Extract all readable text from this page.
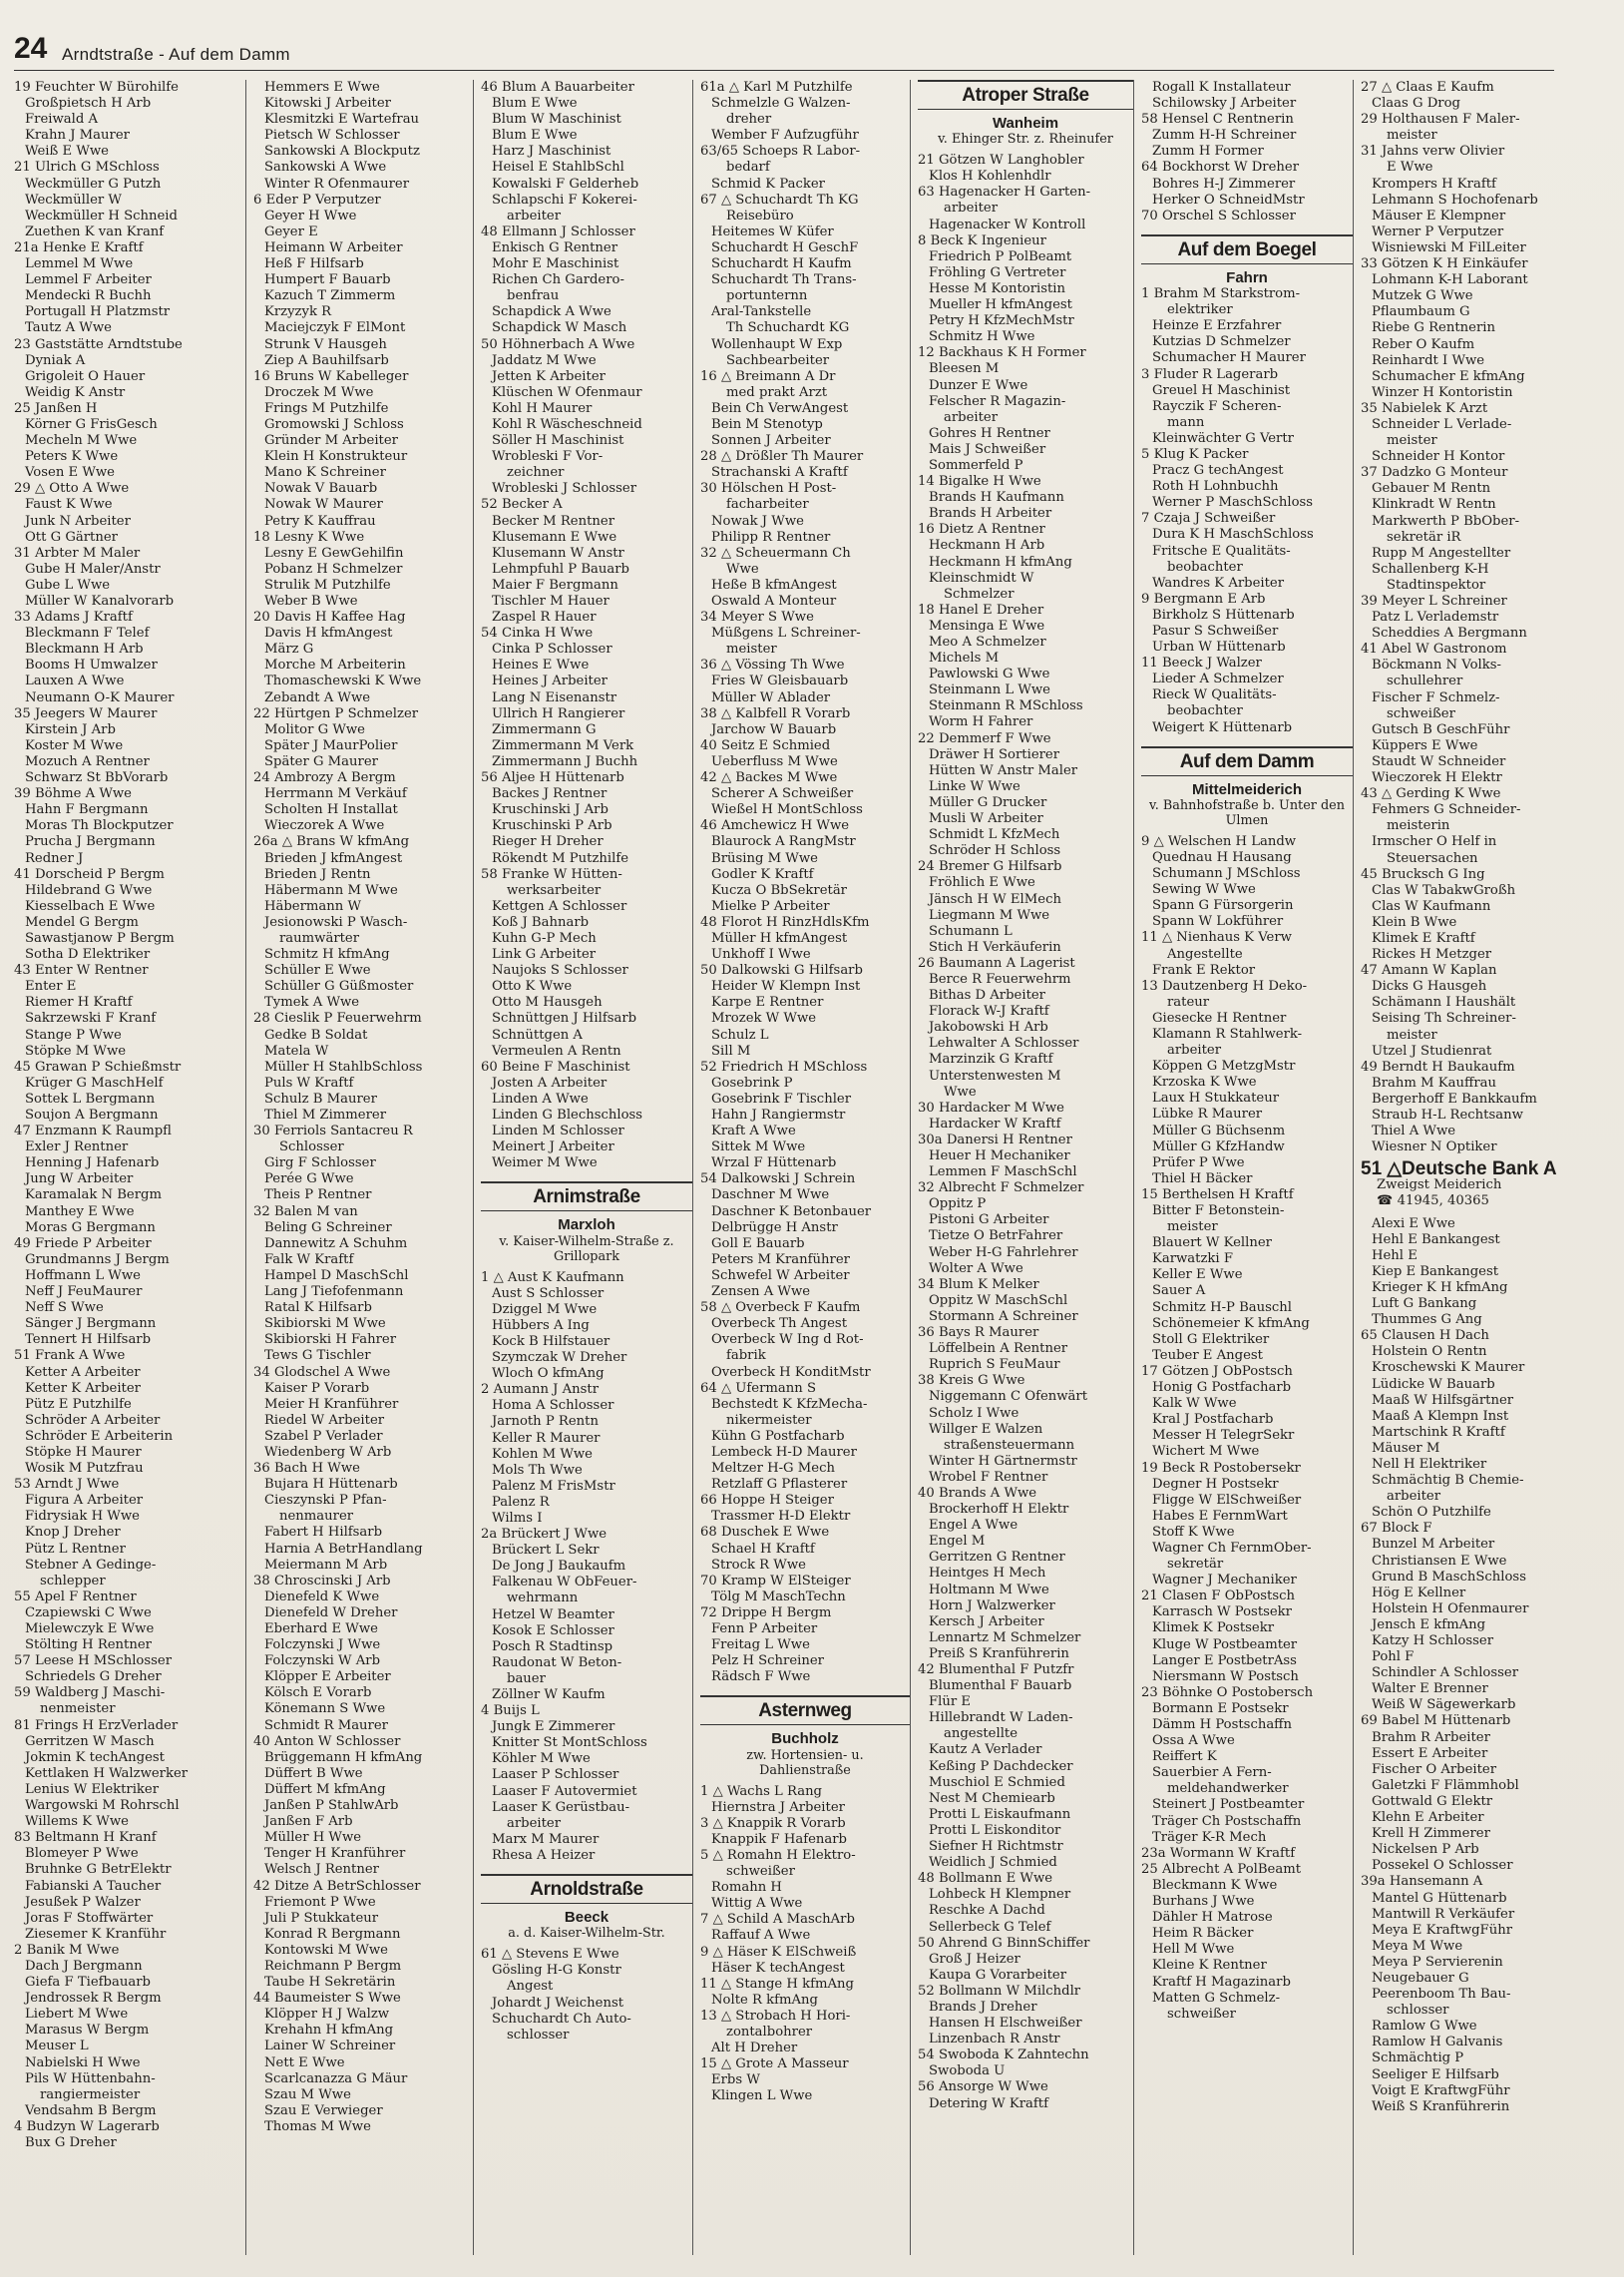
24 Arndtstraße - Auf dem Damm
19 Feuchter W Bürohilfe
Großpietsch H Arb
Freiwald A
Krahn J Maurer
Weiß E Wwe
21 Ulrich G MSchloss
Weckmüller G Putzh
Weckmüller W
Weckmüller H Schneid
Zuethen K van Kranf
21a Henke E Kraftf
Lemmel M Wwe
Lemmel F Arbeiter
Mendecki R Buchh
Portugall H Platzmstr
Tautz A Wwe
23 Gaststätte Arndtstube
Dyniak A
Grigoleit O Hauer
Weidig K Anstr
25 Janßen H
Körner G FrisGesch
Mecheln M Wwe
Peters K Wwe
Vosen E Wwe
29 △ Otto A Wwe
Faust K Wwe
Junk N Arbeiter
Ott G Gärtner
31 Arbter M Maler
Gube H Maler/Anstr
Gube L Wwe
Müller W Kanalvorarb
33 Adams J Kraftf
Bleckmann F Telef
Bleckmann H Arb
Booms H Umwalzer
Lauxen A Wwe
Neumann O-K Maurer
35 Jeegers W Maurer
Kirstein J Arb
Koster M Wwe
Mozuch A Rentner
Schwarz St BbVorarb
39 Böhme A Wwe
Hahn F Bergmann
Moras Th Blockputzer
Prucha J Bergmann
Redner J
41 Dorscheid P Bergm
Hildebrand G Wwe
Kiesselbach E Wwe
Mendel G Bergm
Sawastjanow P Bergm
Sotha D Elektriker
43 Enter W Rentner
Enter E
Riemer H Kraftf
Sakrzewski F Kranf
Stange P Wwe
Stöpke M Wwe
45 Grawan P Schießmstr
Krüger G MaschHelf
Sottek L Bergmann
Soujon A Bergmann
47 Enzmann K Raumpfl
Exler J Rentner
Henning J Hafenarb
Jung W Arbeiter
Karamalak N Bergm
Manthey E Wwe
Moras G Bergmann
49 Friede P Arbeiter
Grundmanns J Bergm
Hoffmann L Wwe
Neff J FeuMaurer
Neff S Wwe
Sänger J Bergmann
Tennert H Hilfsarb
51 Frank A Wwe
Ketter A Arbeiter
Ketter K Arbeiter
Pütz E Putzhilfe
Schröder A Arbeiter
Schröder E Arbeiterin
Stöpke H Maurer
Wosik M Putzfrau
53 Arndt J Wwe
Figura A Arbeiter
Fidrysiak H Wwe
Knop J Dreher
Pütz L Rentner
Stebner A Gedinge-
schlepper
55 Apel F Rentner
Czapiewski C Wwe
Mielewczyk E Wwe
Stölting H Rentner
57 Leese H MSchlosser
Schriedels G Dreher
59 Waldberg J Maschi-
nenmeister
81 Frings H ErzVerlader
Gerritzen W Masch
Jokmin K techAngest
Kettlaken H Walzwerker
Lenius W Elektriker
Wargowski M Rohrschl
Willems K Wwe
83 Beltmann H Kranf
Blomeyer P Wwe
Bruhnke G BetrElektr
Fabianski A Taucher
Jesußek P Walzer
Joras F Stoffwärter
Ziesemer K Kranführ
2 Banik M Wwe
Dach J Bergmann
Giefa F Tiefbauarb
Jendrossek R Bergm
Liebert M Wwe
Marasus W Bergm
Meuser L
Nabielski H Wwe
Pils W Hüttenbahn-
rangiermeister
Vendsahm B Bergm
4 Budzyn W Lagerarb
Bux G Dreher
Hemmers E Wwe
Kitowski J Arbeiter
Klesmitzki E Wartefrau
Pietsch W Schlosser
Sankowski A Blockputz
Sankowski A Wwe
Winter R Ofenmaurer
6 Eder P Verputzer
Geyer H Wwe
Geyer E
Heimann W Arbeiter
Heß F Hilfsarb
Humpert F Bauarb
Kazuch T Zimmerm
Krzyzyk R
Maciejczyk F ElMont
Strunk V Hausgeh
Ziep A Bauhilfsarb
16 Bruns W Kabelleger
Droczek M Wwe
Frings M Putzhilfe
Gromowski J Schloss
Gründer M Arbeiter
Klein H Konstrukteur
Mano K Schreiner
Nowak V Bauarb
Nowak W Maurer
Petry K Kauffrau
18 Lesny K Wwe
Lesny E GewGehilfin
Pobanz H Schmelzer
Strulik M Putzhilfe
Weber B Wwe
20 Davis H Kaffee Hag
Davis H kfmAngest
März G
Morche M Arbeiterin
Thomaschewski K Wwe
Zebandt A Wwe
22 Hürtgen P Schmelzer
Molitor G Wwe
Später J MaurPolier
Später G Maurer
24 Ambrozy A Bergm
Herrmann M Verkäuf
Scholten H Installat
Wieczorek A Wwe
26a △ Brans W kfmAng
Brieden J kfmAngest
Brieden J Rentn
Häbermann M Wwe
Häbermann W
Jesionowski P Wasch-
raumwärter
Schmitz H kfmAng
Schüller E Wwe
Schüller G Güßmoster
Tymek A Wwe
28 Cieslik P Feuerwehrm
Gedke B Soldat
Matela W
Müller H StahlbSchloss
Puls W Kraftf
Schulz B Maurer
Thiel M Zimmerer
30 Ferriols Santacreu R
Schlosser
Girg F Schlosser
Perée G Wwe
Theis P Rentner
32 Balen M van
Beling G Schreiner
Dannewitz A Schuhm
Falk W Kraftf
Hampel D MaschSchl
Lang J Tiefofenmann
Ratal K Hilfsarb
Skibiorski M Wwe
Skibiorski H Fahrer
Tews G Tischler
34 Glodschel A Wwe
Kaiser P Vorarb
Meier H Kranführer
Riedel W Arbeiter
Szabel P Verlader
Wiedenberg W Arb
36 Bach H Wwe
Bujara H Hüttenarb
Cieszynski P Pfan-
nenmaurer
Fabert H Hilfsarb
Harnia A BetrHandlang
Meiermann M Arb
38 Chroscinski J Arb
Dienefeld K Wwe
Dienefeld W Dreher
Eberhard E Wwe
Folczynski J Wwe
Folczynski W Arb
Klöpper E Arbeiter
Kölsch E Vorarb
Könemann S Wwe
Schmidt R Maurer
40 Anton W Schlosser
Brüggemann H kfmAng
Düffert B Wwe
Düffert M kfmAng
Janßen P StahlwArb
Janßen F Arb
Müller H Wwe
Tenger H Kranführer
Welsch J Rentner
42 Ditze A BetrSchlosser
Friemont P Wwe
Juli P Stukkateur
Konrad R Bergmann
Kontowski M Wwe
Reichmann P Bergm
Taube H Sekretärin
44 Baumeister S Wwe
Klöpper H J Walzw
Krehahn H kfmAng
Lainer W Schreiner
Nett E Wwe
Scarlcanazza G Mäur
Szau M Wwe
Szau E Verwieger
Thomas M Wwe
46 Blum A Bauarbeiter
Blum E Wwe
Blum W Maschinist
Blum E Wwe
Harz J Maschinist
Heisel E StahlbSchl
Kowalski F Gelderheb
Schlapschi F Kokerei-
arbeiter
48 Ellmann J Schlosser
Enkisch G Rentner
Mohr E Maschinist
Richen Ch Gardero-
benfrau
Schapdick A Wwe
Schapdick W Masch
50 Höhnerbach A Wwe
Jaddatz M Wwe
Jetten K Arbeiter
Klüschen W Ofenmaur
Kohl H Maurer
Kohl R Wäscheschneid
Söller H Maschinist
Wrobleski F Vor-
zeichner
Wrobleski J Schlosser
52 Becker A
Becker M Rentner
Klusemann E Wwe
Klusemann W Anstr
Lehmpfuhl P Bauarb
Maier F Bergmann
Tischler M Hauer
Zaspel R Hauer
54 Cinka H Wwe
Cinka P Schlosser
Heines E Wwe
Heines J Arbeiter
Lang N Eisenanstr
Ullrich H Rangierer
Zimmermann G
Zimmermann M Verk
Zimmermann J Buchh
56 Aljee H Hüttenarb
Backes J Rentner
Kruschinski J Arb
Kruschinski P Arb
Rieger H Dreher
Rökendt M Putzhilfe
58 Franke W Hütten-
werksarbeiter
Kettgen A Schlosser
Koß J Bahnarb
Kuhn G-P Mech
Link G Arbeiter
Naujoks S Schlosser
Otto K Wwe
Otto M Hausgeh
Schnüttgen J Hilfsarb
Schnüttgen A
Vermeulen A Rentn
60 Beine F Maschinist
Josten A Arbeiter
Linden A Wwe
Linden G Blechschloss
Linden M Schlosser
Meinert J Arbeiter
Weimer M Wwe
Arnimstraße
Marxloh
v. Kaiser-Wilhelm-Straße z. Grillopark
1 △ Aust K Kaufmann
Aust S Schlosser
Dziggel M Wwe
Hübbers A Ing
Kock B Hilfstauer
Szymczak W Dreher
Wloch O kfmAng
2 Aumann J Anstr
Homa A Schlosser
Jarnoth P Rentn
Keller R Maurer
Kohlen M Wwe
Mols Th Wwe
Palenz M FrisMstr
Palenz R
Wilms I
2a Brückert J Wwe
Brückert L Sekr
De Jong J Baukaufm
Falkenau W ObFeuer-
wehrmann
Hetzel W Beamter
Kosok E Schlosser
Posch R Stadtinsp
Raudonat W Beton-
bauer
Zöllner W Kaufm
4 Buijs L
Jungk E Zimmerer
Knitter St MontSchloss
Köhler M Wwe
Laaser P Schlosser
Laaser F Autovermiet
Laaser K Gerüstbau-
arbeiter
Marx M Maurer
Rhesa A Heizer
Arnoldstraße
Beeck
a. d. Kaiser-Wilhelm-Str.
61 △ Stevens E Wwe
Gösling H-G Konstr
Angest
Johardt J Weichenst
Schuchardt Ch Auto-
schlosser
61a △ Karl M Putzhilfe
Schmelzle G Walzen-
dreher
Wember F Aufzugführ
63/65 Schoeps R Labor-
bedarf
Schmid K Packer
67 △ Schuchardt Th KG
Reisebüro
Heitemes W Küfer
Schuchardt H GeschF
Schuchardt H Kaufm
Schuchardt Th Trans-
portunternn
Aral-Tankstelle
Th Schuchardt KG
Wollenhaupt W Exp
Sachbearbeiter
16 △ Breimann A Dr
med prakt Arzt
Bein Ch VerwAngest
Bein M Stenotyp
Sonnen J Arbeiter
28 △ Drößler Th Maurer
Strachanski A Kraftf
30 Hölschen H Post-
facharbeiter
Nowak J Wwe
Philipp R Rentner
32 △ Scheuermann Ch
Wwe
Heße B kfmAngest
Oswald A Monteur
34 Meyer S Wwe
Müßgens L Schreiner-
meister
36 △ Vössing Th Wwe
Fries W Gleisbauarb
Müller W Ablader
38 △ Kalbfell R Vorarb
Jarchow W Bauarb
40 Seitz E Schmied
Ueberfluss M Wwe
42 △ Backes M Wwe
Scherer A Schweißer
Wießel H MontSchloss
46 Amchewicz H Wwe
Blaurock A RangMstr
Brüsing M Wwe
Godler K Kraftf
Kucza O BbSekretär
Mielke P Arbeiter
48 Florot H RinzHdlsKfm
Müller H kfmAngest
Unkhoff I Wwe
50 Dalkowski G Hilfsarb
Heider W Klempn Inst
Karpe E Rentner
Mrozek W Wwe
Schulz L
Sill M
52 Friedrich H MSchloss
Gosebrink P
Gosebrink F Tischler
Hahn J Rangiermstr
Kraft A Wwe
Sittek M Wwe
Wrzal F Hüttenarb
54 Dalkowski J Schrein
Daschner M Wwe
Daschner K Betonbauer
Delbrügge H Anstr
Goll E Bauarb
Peters M Kranführer
Schwefel W Arbeiter
Zensen A Wwe
58 △ Overbeck F Kaufm
Overbeck Th Angest
Overbeck W Ing d Rot-
fabrik
Overbeck H KonditMstr
64 △ Ufermann S
Bechstedt K KfzMecha-
nikermeister
Kühn G Postfacharb
Lembeck H-D Maurer
Meltzer H-G Mech
Retzlaff G Pflasterer
66 Hoppe H Steiger
Trassmer H-D Elektr
68 Duschek E Wwe
Schael H Kraftf
Strock R Wwe
70 Kramp W ElSteiger
Tölg M MaschTechn
72 Drippe H Bergm
Fenn P Arbeiter
Freitag L Wwe
Pelz H Schreiner
Rädsch F Wwe
Asternweg
Buchholz
zw. Hortensien- u. Dahlienstraße
1 △ Wachs L Rang
Hiernstra J Arbeiter
3 △ Knappik R Vorarb
Knappik F Hafenarb
5 △ Romahn H Elektro-
schweißer
Romahn H
Wittig A Wwe
7 △ Schild A MaschArb
Raffauf A Wwe
9 △ Häser K ElSchweiß
Häser K techAngest
11 △ Stange H kfmAng
Nolte R kfmAng
13 △ Strobach H Hori-
zontalbohrer
Alt H Dreher
15 △ Grote A Masseur
Erbs W
Klingen L Wwe
Atroper Straße
Wanheim
v. Ehinger Str. z. Rheinufer
21 Götzen W Langhobler
Klos H Kohlenhdlr
63 Hagenacker H Garten-
arbeiter
Hagenacker W Kontroll
8 Beck K Ingenieur
Friedrich P PolBeamt
Fröhling G Vertreter
Hesse M Kontoristin
Mueller H kfmAngest
Petry H KfzMechMstr
Schmitz H Wwe
12 Backhaus K H Former
Bleesen M
Dunzer E Wwe
Felscher R Magazin-
arbeiter
Gohres H Rentner
Mais J Schweißer
Sommerfeld P
14 Bigalke H Wwe
Brands H Kaufmann
Brands H Arbeiter
16 Dietz A Rentner
Heckmann H Arb
Heckmann H kfmAng
Kleinschmidt W
Schmelzer
18 Hanel E Dreher
Mensinga E Wwe
Meo A Schmelzer
Michels M
Pawlowski G Wwe
Steinmann L Wwe
Steinmann R MSchloss
Worm H Fahrer
22 Demmerf F Wwe
Dräwer H Sortierer
Hütten W Anstr Maler
Linke W Wwe
Müller G Drucker
Musli W Arbeiter
Schmidt L KfzMech
Schröder H Schloss
24 Bremer G Hilfsarb
Fröhlich E Wwe
Jänsch H W ElMech
Liegmann M Wwe
Schumann L
Stich H Verkäuferin
26 Baumann A Lagerist
Berce R Feuerwehrm
Bithas D Arbeiter
Florack W-J Kraftf
Jakobowski H Arb
Lehwalter A Schlosser
Marzinzik G Kraftf
Unterstenwesten M
Wwe
30 Hardacker M Wwe
Hardacker W Kraftf
30a Danersi H Rentner
Heuer H Mechaniker
Lemmen F MaschSchl
32 Albrecht F Schmelzer
Oppitz P
Pistoni G Arbeiter
Tietze O BetrFahrer
Weber H-G Fahrlehrer
Wolter A Wwe
34 Blum K Melker
Oppitz W MaschSchl
Stormann A Schreiner
36 Bays R Maurer
Löffelbein A Rentner
Ruprich S FeuMaur
38 Kreis G Wwe
Niggemann C Ofenwärt
Scholz I Wwe
Willger E Walzen
straßensteuermann
Winter H Gärtnermstr
Wrobel F Rentner
40 Brands A Wwe
Brockerhoff H Elektr
Engel A Wwe
Engel M
Gerritzen G Rentner
Heintges H Mech
Holtmann M Wwe
Horn J Walzwerker
Kersch J Arbeiter
Lennartz M Schmelzer
Preiß S Kranführerin
42 Blumenthal F Putzfr
Blumenthal F Bauarb
Flür E
Hillebrandt W Laden-
angestellte
Kautz A Verlader
Keßing P Dachdecker
Muschiol E Schmied
Nest M Chemiearb
Protti L Eiskaufmann
Protti L Eiskonditor
Siefner H Richtmstr
Weidlich J Schmied
48 Bollmann E Wwe
Lohbeck H Klempner
Reschke A Dachd
Sellerbeck G Telef
50 Ahrend G BinnSchiffer
Groß J Heizer
Kaupa G Vorarbeiter
52 Bollmann W Milchdlr
Brands J Dreher
Hansen H Elschweißer
Linzenbach R Anstr
54 Swoboda K Zahntechn
Swoboda U
56 Ansorge W Wwe
Detering W Kraftf
Rogall K Installateur
Schilowsky J Arbeiter
58 Hensel C Rentnerin
Zumm H-H Schreiner
Zumm H Former
64 Bockhorst W Dreher
Bohres H-J Zimmerer
Herker O SchneidMstr
70 Orschel S Schlosser
Auf dem Boegel
Fahrn
1 Brahm M Starkstrom-
elektriker
Heinze E Erzfahrer
Kutzias D Schmelzer
Schumacher H Maurer
3 Fluder R Lagerarb
Greuel H Maschinist
Rayczik F Scheren-
mann
Kleinwächter G Vertr
5 Klug K Packer
Pracz G techAngest
Roth H Lohnbuchh
Werner P MaschSchloss
7 Czaja J Schweißer
Dura K H MaschSchloss
Fritsche E Qualitäts-
beobachter
Wandres K Arbeiter
9 Bergmann E Arb
Birkholz S Hüttenarb
Pasur S Schweißer
Urban W Hüttenarb
11 Beeck J Walzer
Lieder A Schmelzer
Rieck W Qualitäts-
beobachter
Weigert K Hüttenarb
Auf dem Damm
Mittelmeiderich
v. Bahnhofstraße b. Unter den Ulmen
9 △ Welschen H Landw
Quednau H Hausang
Schumann J MSchloss
Sewing W Wwe
Spann G Fürsorgerin
Spann W Lokführer
11 △ Nienhaus K Verw
Angestellte
Frank E Rektor
13 Dautzenberg H Deko-
rateur
Giesecke H Rentner
Klamann R Stahlwerk-
arbeiter
Köppen G MetzgMstr
Krzoska K Wwe
Laux H Stukkateur
Lübke R Maurer
Müller G Büchsenm
Müller G KfzHandw
Prüfer P Wwe
Thiel H Bäcker
15 Berthelsen H Kraftf
Bitter F Betonstein-
meister
Blauert W Kellner
Karwatzki F
Keller E Wwe
Sauer A
Schmitz H-P Bauschl
Schönemeier K kfmAng
Stoll G Elektriker
Teuber E Angest
17 Götzen J ObPostsch
Honig G Postfacharb
Kalk W Wwe
Kral J Postfacharb
Messer H TelegrSekr
Wichert M Wwe
19 Beck R Postobersekr
Degner H Postsekr
Fligge W ElSchweißer
Habes E FernmWart
Stoff K Wwe
Wagner Ch FernmOber-
sekretär
Wagner J Mechaniker
21 Clasen F ObPostsch
Karrasch W Postsekr
Klimek K Postsekr
Kluge W Postbeamter
Langer E PostbetrAss
Niersmann W Postsch
23 Böhnke O Postobersch
Bormann E Postsekr
Dämm H Postschaffn
Ossa A Wwe
Reiffert K
Sauerbier A Fern-
meldehandwerker
Steinert J Postbeamter
Träger Ch Postschaffn
Träger K-R Mech
23a Wormann W Kraftf
25 Albrecht A PolBeamt
Bleckmann K Wwe
Burhans J Wwe
Dähler H Matrose
Heim R Bäcker
Hell M Wwe
Kleine K Rentner
Kraftf H Magazinarb
Matten G Schmelz-
schweißer
27 △ Claas E Kaufm
Claas G Drog
29 Holthausen F Maler-
meister
31 Jahns verw Olivier
E Wwe
Krompers H Kraftf
Lehmann S Hochofenarb
Mäuser E Klempner
Werner P Verputzer
Wisniewski M FilLeiter
33 Götzen K H Einkäufer
Lohmann K-H Laborant
Mutzek G Wwe
Pflaumbaum G
Riebe G Rentnerin
Reber O Kaufm
Reinhardt I Wwe
Schumacher E kfmAng
Winzer H Kontoristin
35 Nabielek K Arzt
Schneider L Verlade-
meister
Schneider H Kontor
37 Dadzko G Monteur
Gebauer M Rentn
Klinkradt W Rentn
Markwerth P BbOber-
sekretär iR
Rupp M Angestellter
Schallenberg K-H
Stadtinspektor
39 Meyer L Schreiner
Patz L Verlademstr
Scheddies A Bergmann
41 Abel W Gastronom
Böckmann N Volks-
schullehrer
Fischer F Schmelz-
schweißer
Gutsch B GeschFühr
Küppers E Wwe
Staudt W Schneider
Wieczorek H Elektr
43 △ Gerding K Wwe
Fehmers G Schneider-
meisterin
Irmscher O Helf in
Steuersachen
45 Brucksch G Ing
Clas W TabakwGroßh
Clas W Kaufmann
Klein B Wwe
Klimek E Kraftf
Rickes H Metzger
47 Amann W Kaplan
Dicks G Hausgeh
Schämann I Haushält
Seising Th Schreiner-
meister
Utzel J Studienrat
49 Berndt H Baukaufm
Brahm M Kauffrau
Bergerhoff E Bankkaufm
Straub H-L Rechtsanw
Thiel A Wwe
Wiesner N Optiker
51 △Deutsche Bank A
Zweigst Meiderich
☎ 41945, 40365
Alexi E Wwe
Hehl E Bankangest
Hehl E
Kiep E Bankangest
Krieger K H kfmAng
Luft G Bankang
Thummes G Ang
65 Clausen H Dach
Holstein O Rentn
Kroschewski K Maurer
Lüdicke W Bauarb
Maaß W Hilfsgärtner
Maaß A Klempn Inst
Martschink R Kraftf
Mäuser M
Nell H Elektriker
Schmächtig B Chemie-
arbeiter
Schön O Putzhilfe
67 Block F
Bunzel M Arbeiter
Christiansen E Wwe
Grund B MaschSchloss
Hög E Kellner
Holstein H Ofenmaurer
Jensch E kfmAng
Katzy H Schlosser
Pohl F
Schindler A Schlosser
Walter E Brenner
Weiß W Sägewerkarb
69 Babel M Hüttenarb
Brahm R Arbeiter
Essert E Arbeiter
Fischer O Arbeiter
Galetzki F Flämmhobl
Gottwald G Elektr
Klehn E Arbeiter
Krell H Zimmerer
Nickelsen P Arb
Possekel O Schlosser
39a Hansemann A
Mantel G Hüttenarb
Mantwill R Verkäufer
Meya E KraftwgFühr
Meya M Wwe
Meya P Servierenin
Neugebauer G
Peerenboom Th Bau-
schlosser
Ramlow G Wwe
Ramlow H Galvanis
Schmächtig P
Seeliger E Hilfsarb
Voigt E KraftwgFühr
Weiß S Kranführerin
